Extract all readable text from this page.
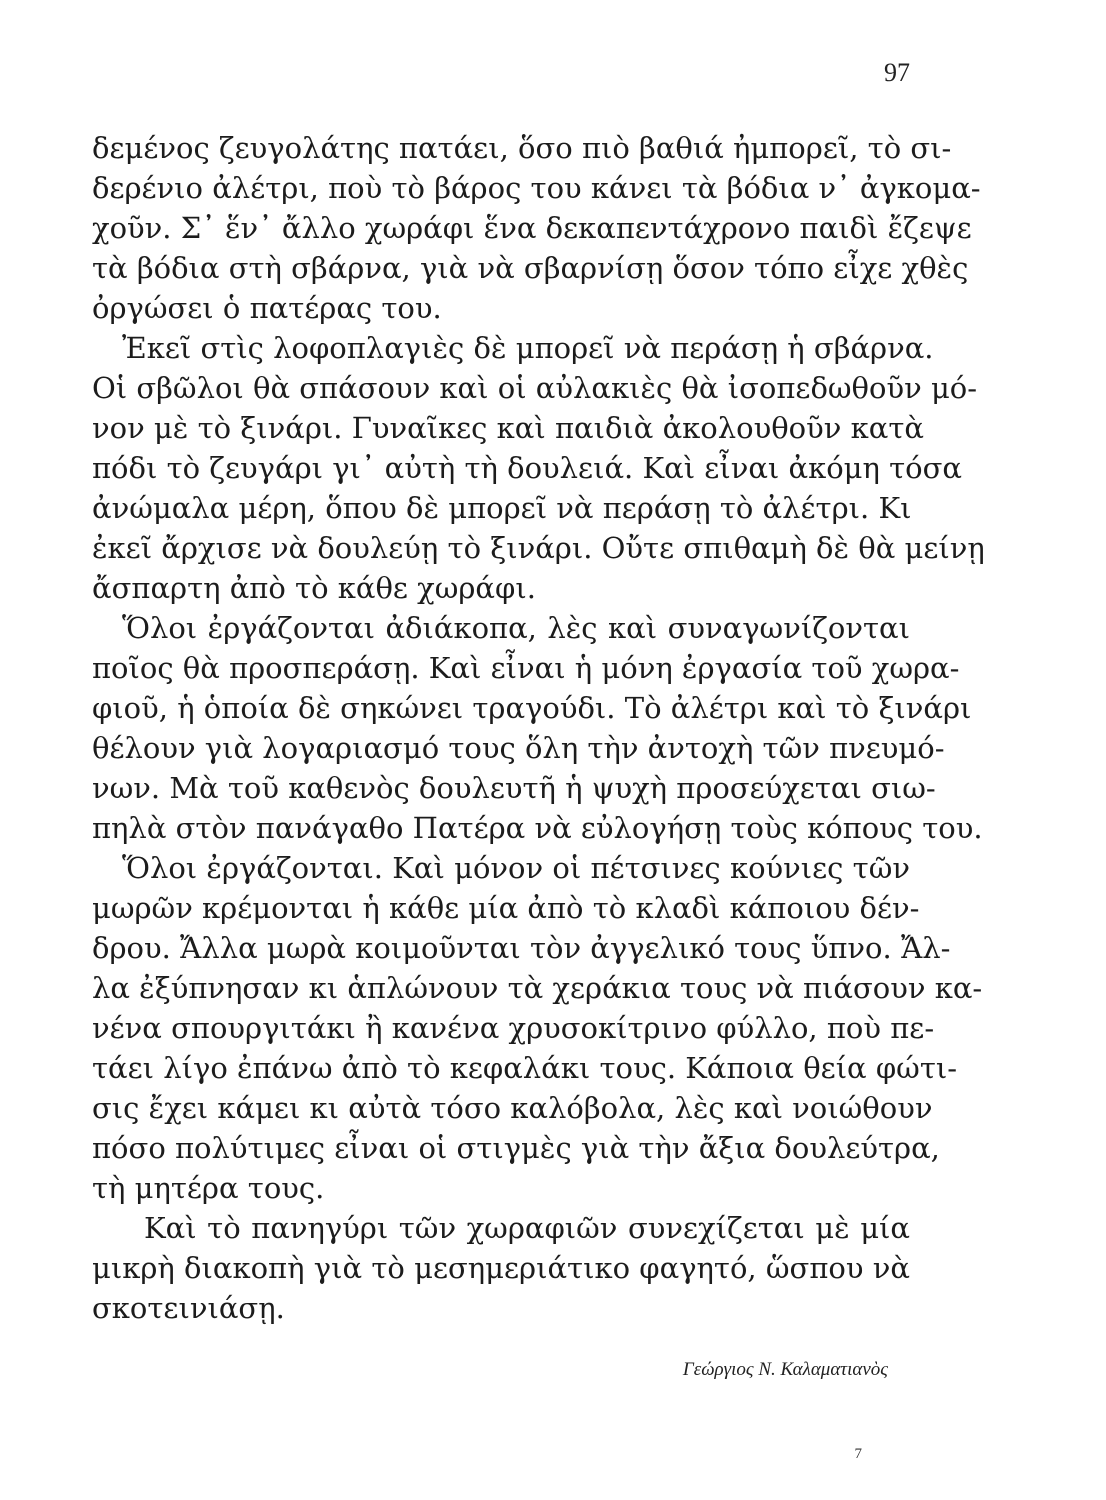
97
δεμένος ζευγολάτης πατάει, ὅσο πιὸ βαθιά ἠμπορεῖ, τὸ σι-
δερένιο ἀλέτρι, ποὺ τὸ βάρος του κάνει τὰ βόδια ν᾽ ἀγκομα-
χοῦν. Σ᾽ ἕν᾽ ἄλλο χωράφι ἕνα δεκαπεντάχρονο παιδὶ ἔζεψε
τὰ βόδια στὴ σβάρνα, γιὰ νὰ σβαρνίσῃ ὅσον τόπο εἶχε χθὲς
ὀργώσει ὁ πατέρας του.
Ἐκεῖ στὶς λοφοπλαγιὲς δὲ μπορεῖ νὰ περάσῃ ἡ σβάρνα.
Οἱ σβῶλοι θὰ σπάσουν καὶ οἱ αὐλακιὲς θὰ ἰσοπεδωθοῦν μό-
νον μὲ τὸ ξινάρι. Γυναῖκες καὶ παιδιὰ ἀκολουθοῦν κατὰ
πόδι τὸ ζευγάρι γι᾽ αὐτὴ τὴ δουλειά. Καὶ εἶναι ἀκόμη τόσα
ἀνώμαλα μέρη, ὅπου δὲ μπορεῖ νὰ περάσῃ τὸ ἀλέτρι. Κι
ἐκεῖ ἄρχισε νὰ δουλεύῃ τὸ ξινάρι. Οὔτε σπιθαμὴ δὲ θὰ μείνῃ
ἄσπαρτη ἀπὸ τὸ κάθε χωράφι.
Ὅλοι ἐργάζονται ἀδιάκοπα, λὲς καὶ συναγωνίζονται
ποῖος θὰ προσπεράσῃ. Καὶ εἶναι ἡ μόνη ἐργασία τοῦ χωρα-
φιοῦ, ἡ ὁποία δὲ σηκώνει τραγούδι. Τὸ ἀλέτρι καὶ τὸ ξινάρι
θέλουν γιὰ λογαριασμό τους ὅλη τὴν ἀντοχὴ τῶν πνευμό-
νων. Μὰ τοῦ καθενὸς δουλευτῆ ἡ ψυχὴ προσεύχεται σιω-
πηλὰ στὸν πανάγαθο Πατέρα νὰ εὐλογήσῃ τοὺς κόπους του.
Ὅλοι ἐργάζονται. Καὶ μόνον οἱ πέτσινες κούνιες τῶν
μωρῶν κρέμονται ἡ κάθε μία ἀπὸ τὸ κλαδὶ κάποιου δέν-
δρου. Ἄλλα μωρὰ κοιμοῦνται τὸν ἀγγελικό τους ὕπνο. Ἄλ-
λα ἐξύπνησαν κι ἁπλώνουν τὰ χεράκια τους νὰ πιάσουν κα-
νένα σπουργιτάκι ἢ κανένα χρυσοκίτρινο φύλλο, ποὺ πε-
τάει λίγο ἐπάνω ἀπὸ τὸ κεφαλάκι τους. Κάποια θεία φώτι-
σις ἔχει κάμει κι αὐτὰ τόσο καλόβολα, λὲς καὶ νοιώθουν
πόσο πολύτιμες εἶναι οἱ στιγμὲς γιὰ τὴν ἄξια δουλεύτρα,
τὴ μητέρα τους.
Καὶ τὸ πανηγύρι τῶν χωραφιῶν συνεχίζεται μὲ μία
μικρὴ διακοπὴ γιὰ τὸ μεσημεριάτικο φαγητό, ὥσπου νὰ
σκοτεινιάσῃ.
Γεώργιος Ν. Καλαματιανὸς
7
